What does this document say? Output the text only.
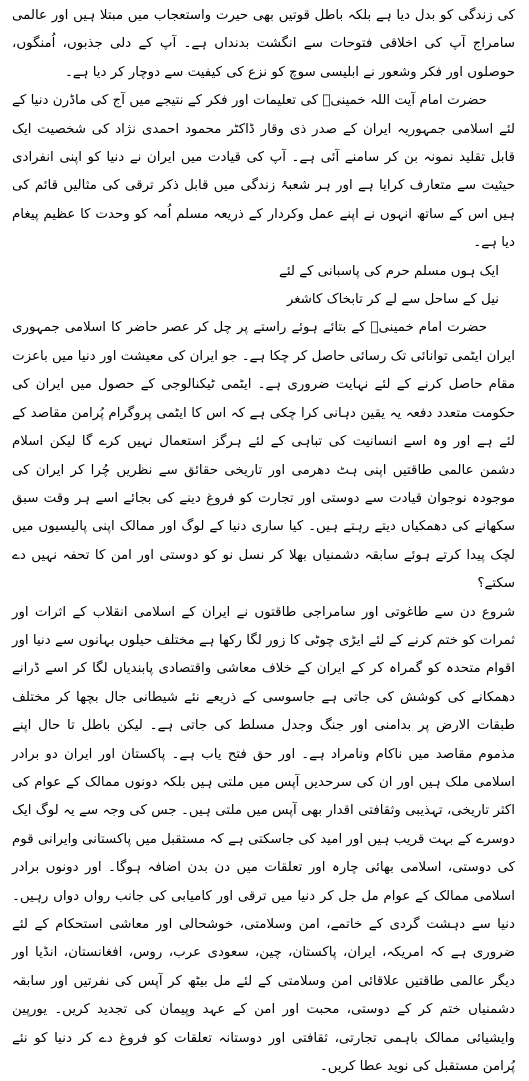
کی زندگی کو بدل دیا ہے بلکہ باطل قوتیں بھی حیرت واستعجاب میں مبتلا ہیں اور عالمی سامراج آپ کی اخلاقی فتوحات سے انگشت بدنداں ہے۔ آپ کے دلی جذبوں، اُمنگوں، حوصلوں اور فکر وشعور نے ابلیسی سوچ کو نزع کی کیفیت سے دوچار کر دیا ہے۔

حضرت امام آیت اللہ خمینیؒ کی تعلیمات اور فکر کے نتیجے میں آج کی ماڈرن دنیا کے لئے اسلامی جمہوریہ ایران کے صدر ذی وقار ڈاکٹر محمود احمدی نژاد کی شخصیت ایک قابل تقلید نمونہ بن کر سامنے آئی ہے۔ آپ کی قیادت میں ایران نے دنیا کو اپنی انفرادی حیثیت سے متعارف کرایا ہے اور ہر شعبۂ زندگی میں قابل ذکر ترقی کی مثالیں قائم کی ہیں اس کے ساتھ انہوں نے اپنے عمل وکردار کے ذریعہ مسلم اُمہ کو وحدت کا عظیم پیغام دیا ہے۔

ایک ہوں مسلم حرم کی پاسبانی کے لئے

نیل کے ساحل سے لے کر تابخاک کاشغر

حضرت امام خمینیؒ کے بتائے ہوئے راستے پر چل کر عصر حاضر کا اسلامی جمہوری ایران ایٹمی توانائی تک رسائی حاصل کر چکا ہے۔ جو ایران کی معیشت اور دنیا میں باعزت مقام حاصل کرنے کے لئے نہایت ضروری ہے۔ ایٹمی ٹیکنالوجی کے حصول میں ایران کی حکومت متعدد دفعہ یہ یقین دہانی کرا چکی ہے کہ اس کا ایٹمی پروگرام پُرامن مقاصد کے لئے ہے اور وہ اسے انسانیت کی تباہی کے لئے ہرگز استعمال نہیں کرے گا لیکن اسلام دشمن عالمی طاقتیں اپنی ہٹ دھرمی اور تاریخی حقائق سے نظریں چُرا کر ایران کی موجودہ نوجوان قیادت سے دوستی اور تجارت کو فروغ دینے کی بجائے اسے ہر وقت سبق سکھانے کی دھمکیاں دیتے رہتے ہیں۔ کیا ساری دنیا کے لوگ اور ممالک اپنی پالیسیوں میں لچک پیدا کرتے ہوئے سابقہ دشمنیاں بھلا کر نسل نو کو دوستی اور امن کا تحفہ نہیں دے سکتے؟

شروع دن سے طاغوتی اور سامراجی طاقتوں نے ایران کے اسلامی انقلاب کے اثرات اور ثمرات کو ختم کرنے کے لئے ایڑی چوٹی کا زور لگا رکھا ہے مختلف حیلوں بہانوں سے دنیا اور اقوام متحدہ کو گمراہ کر کے ایران کے خلاف معاشی واقتصادی پابندیاں لگا کر اسے ڈرانے دھمکانے کی کوشش کی جاتی ہے جاسوسی کے ذریعے نئے شیطانی جال بچھا کر مختلف طبقات الارض پر بدامنی اور جنگ وجدل مسلط کی جاتی ہے۔ لیکن باطل تا حال اپنے مذموم مقاصد میں ناکام ونامراد ہے۔ اور حق فتح یاب ہے۔ پاکستان اور ایران دو برادر اسلامی ملک ہیں اور ان کی سرحدیں آپس میں ملتی ہیں بلکہ دونوں ممالک کے عوام کی اکثر تاریخی، تہذیبی وثقافتی اقدار بھی آپس میں ملتی ہیں۔ جس کی وجہ سے یہ لوگ ایک دوسرے کے بہت قریب ہیں اور امید کی جاسکتی ہے کہ مستقبل میں پاکستانی وایرانی قوم کی دوستی، اسلامی بھائی چارہ اور تعلقات میں دن بدن اضافہ ہوگا۔ اور دونوں برادر اسلامی ممالک کے عوام مل جل کر دنیا میں ترقی اور کامیابی کی جانب رواں دواں رہیں۔ دنیا سے دہشت گردی کے خاتمے، امن وسلامتی، خوشحالی اور معاشی استحکام کے لئے ضروری ہے کہ امریکہ، ایران، پاکستان، چین، سعودی عرب، روس، افغانستان، انڈیا اور دیگر عالمی طاقتیں علاقائی امن وسلامتی کے لئے مل بیٹھ کر آپس کی نفرتیں اور سابقہ دشمنیاں ختم کر کے دوستی، محبت اور امن کے عہد وپیمان کی تجدید کریں۔ یورپین وایشیائی ممالک باہمی تجارتی، ثقافتی اور دوستانہ تعلقات کو فروغ دے کر دنیا کو نئے پُرامن مستقبل کی نوید عطا کریں۔
